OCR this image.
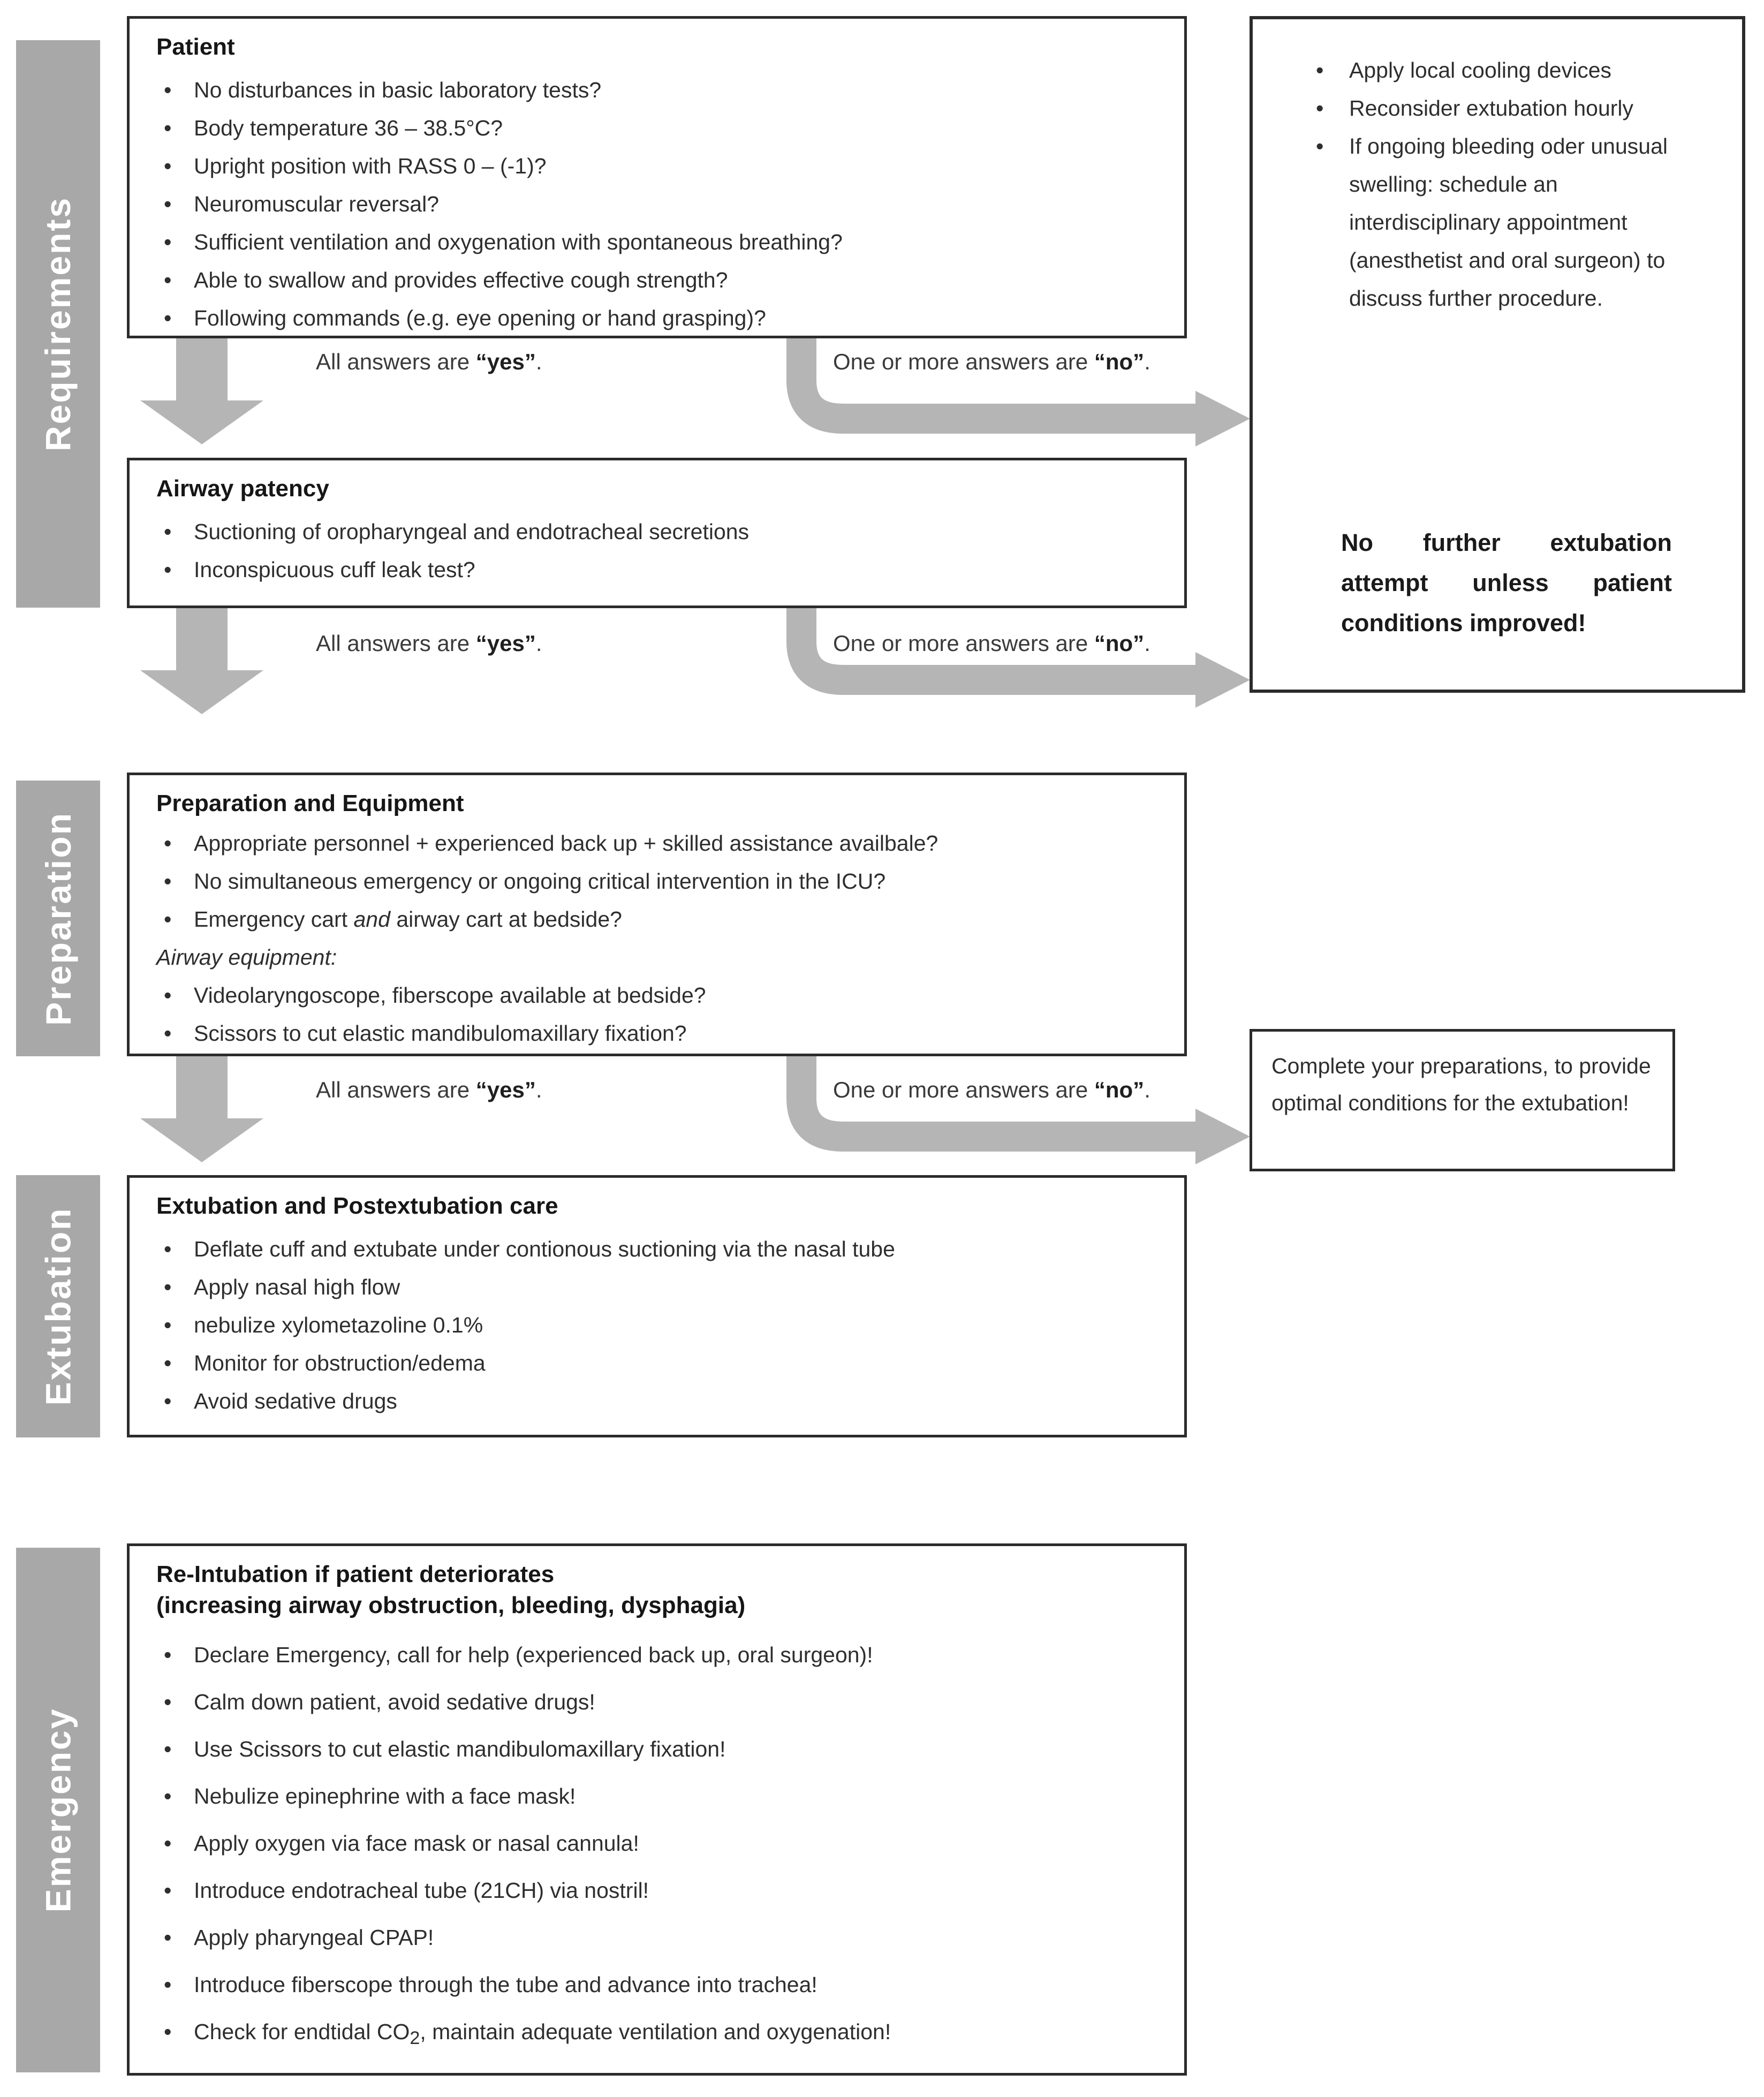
Requirements
Preparation
Extubation
Emergency
All answers are “yes”.	One or more answers are “no”.
All answers are “yes”.	One or more answers are “no”.
All answers are “yes”.	One or more answers are “no”.
Patient
• No disturbances in basic laboratory tests?
• Body temperature 36 – 38.5°C?
• Upright position with RASS 0 – (-1)?
• Neuromuscular reversal?
• Sufficient ventilation and oxygenation with spontaneous breathing?
• Able to swallow and provides effective cough strength?
• Following commands (e.g. eye opening or hand grasping)?
Airway patency
• Suctioning of oropharyngeal and endotracheal secretions
• Inconspicuous cuff leak test?
• Apply local cooling devices
• Reconsider extubation hourly
• If ongoing bleeding oder unusual swelling: schedule an interdisciplinary appointment (anesthetist and oral surgeon) to discuss further procedure.
No further extubation attempt unless patient conditions improved!
Preparation and Equipment
• Appropriate personnel + experienced back up + skilled assistance availbale?
• No simultaneous emergency or ongoing critical intervention in the ICU?
• Emergency cart and airway cart at bedside?
Airway equipment:
• Videolaryngoscope, fiberscope available at bedside?
• Scissors to cut elastic mandibulomaxillary fixation?
Complete your preparations, to provide optimal conditions for the extubation!
Extubation and Postextubation care
• Deflate cuff and extubate under contionous suctioning via the nasal tube
• Apply nasal high flow
• nebulize xylometazoline 0.1%
• Monitor for obstruction/edema
• Avoid sedative drugs
Re-Intubation if patient deteriorates
(increasing airway obstruction, bleeding, dysphagia)
• Declare Emergency, call for help (experienced back up, oral surgeon)!
• Calm down patient, avoid sedative drugs!
• Use Scissors to cut elastic mandibulomaxillary fixation!
• Nebulize epinephrine with a face mask!
• Apply oxygen via face mask or nasal cannula!
• Introduce endotracheal tube (21CH) via nostril!
• Apply pharyngeal CPAP!
• Introduce fiberscope through the tube and advance into trachea!
• Check for endtidal $CO_2$, maintain adequate ventilation and oxygenation!
